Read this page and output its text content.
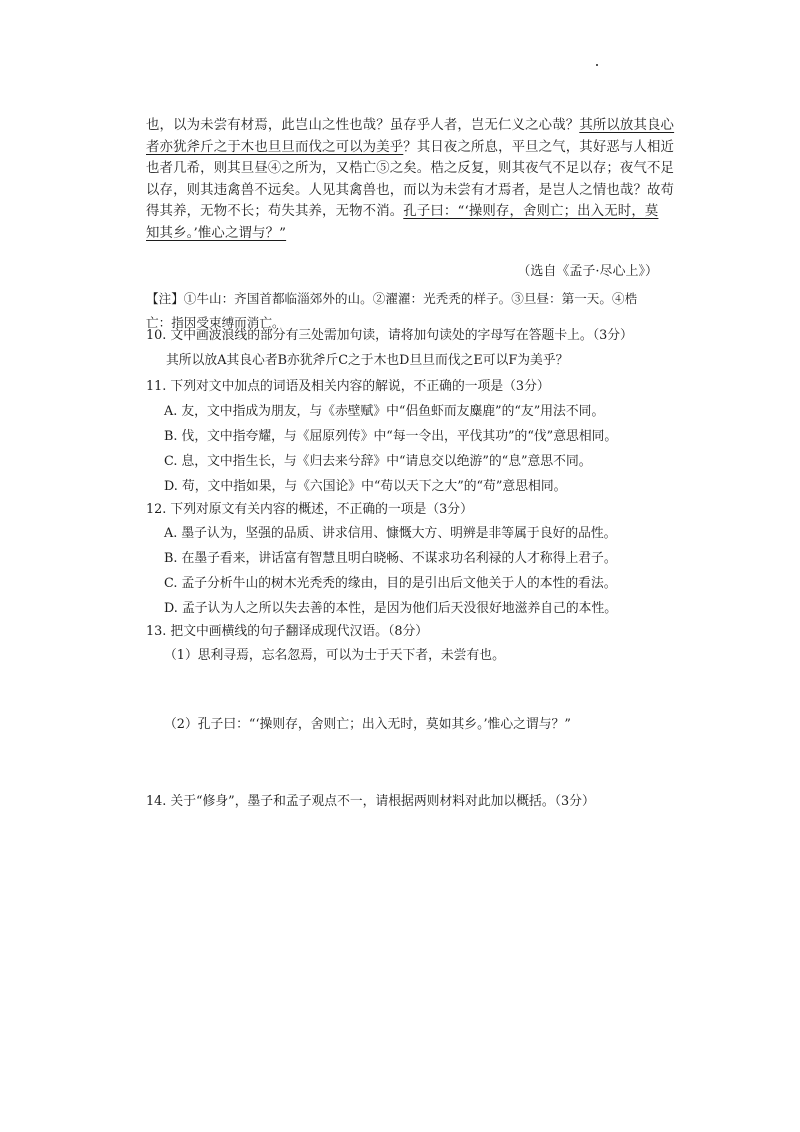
也，以为未尝有材焉，此岂山之性也哉？虽存乎人者，岂无仁义之心哉？其所以放其良心
者亦犹斧斤之于木也旦旦而伐之可以为美乎？其日夜之所息，平旦之气，其好恶与人相近
也者几希，则其旦昼④之所为，又梏亡⑤之矣。梏之反复，则其夜气不足以存；夜气不足
以存，则其违禽兽不远矣。人见其禽兽也，而以为未尝有才焉者，是岂人之情也哉？故苟
得其养，无物不长；苟失其养，无物不消。孔子曰：“‘操则存，舍则亡；出入无时，莫
知其乡。’惟心之谓与？”
（选自《孟子·尽心上》）
【注】①牛山：齐国首都临淄郊外的山。②濯濯：光秃秃的样子。③旦昼：第一天。④梏
亡：指因受束缚而消亡。
10. 文中画波浪线的部分有三处需加句读，请将加句读处的字母写在答题卡上。（3分）
其所以放A其良心者B亦犹斧斤C之于木也D旦旦而伐之E可以F为美乎？
11. 下列对文中加点的词语及相关内容的解说，不正确的一项是（3分）
A. 友，文中指成为朋友，与《赤壁赋》中“侣鱼虾而友麋鹿”的“友”用法不同。
B. 伐，文中指夸耀，与《屈原列传》中“每一令出，平伐其功”的“伐”意思相同。
C. 息，文中指生长，与《归去来兮辞》中“请息交以绝游”的“息”意思不同。
D. 苟，文中指如果，与《六国论》中“苟以天下之大”的“苟”意思相同。
12. 下列对原文有关内容的概述，不正确的一项是（3分）
A. 墨子认为，坚强的品质、讲求信用、慷慨大方、明辨是非等属于良好的品性。
B. 在墨子看来，讲话富有智慧且明白晓畅、不谋求功名利禄的人才称得上君子。
C. 孟子分析牛山的树木光秃秃的缘由，目的是引出后文他关于人的本性的看法。
D. 孟子认为人之所以失去善的本性，是因为他们后天没很好地滋养自己的本性。
13. 把文中画横线的句子翻译成现代汉语。（8分）
（1）思利寻焉，忘名忽焉，可以为士于天下者，未尝有也。
（2）孔子曰：“‘操则存，舍则亡；出入无时，莫如其乡。’惟心之谓与？”
14. 关于“修身”，墨子和孟子观点不一，请根据两则材料对此加以概括。（3分）
